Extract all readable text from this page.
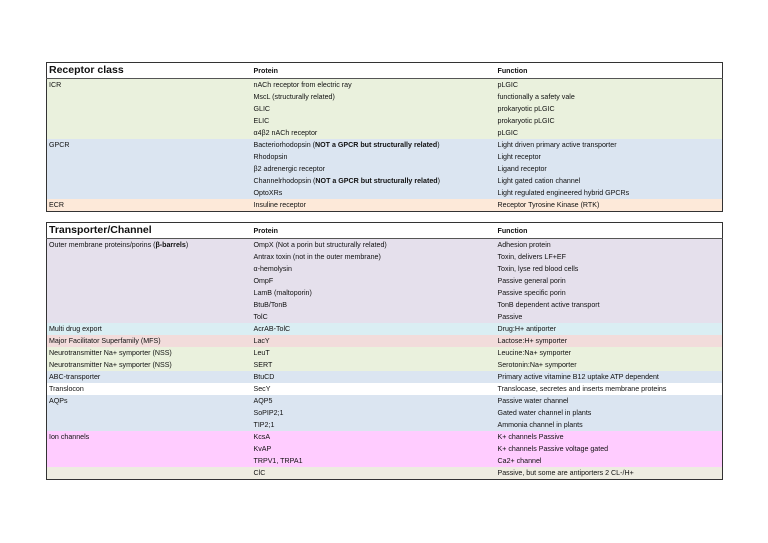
Receptor class	Protein	Function
ICR	nACh receptor from electric ray	pLGIC
	MscL (structurally related)	functionally a safety vale
	GLIC	prokaryotic pLGIC
	ELIC	prokaryotic pLGIC
	α4β2 nACh receptor	pLGIC
GPCR	Bacteriorhodopsin (NOT a GPCR but structurally related)	Light driven primary active transporter
	Rhodopsin	Light receptor
	β2 adrenergic receptor	Ligand receptor
	Channelrhodopsin (NOT a GPCR but structurally related)	Light gated cation channel
	OptoXRs	Light regulated engineered hybrid GPCRs
ECR	Insuline receptor	Receptor Tyrosine Kinase (RTK)
Transporter/Channel	Protein	Function
Outer membrane proteins/porins (β-barrels)	OmpX (Not a porin but structurally related)	Adhesion protein
	Antrax toxin (not in the outer membrane)	Toxin, delivers LF+EF
	α-hemolysin	Toxin, lyse red blood cells
	OmpF	Passive general porin
	LamB (maltoporin)	Passive specific porin
	BtuB/TonB	TonB dependent active transport
	TolC	Passive
Multi drug export	AcrAB-TolC	Drug:H+ antiporter
Major Facilitator Superfamily (MFS)	LacY	Lactose:H+ symporter
Neurotransmitter Na+ symporter (NSS)	LeuT	Leucine:Na+ symporter
Neurotransmitter Na+ symporter (NSS)	SERT	Serotonin:Na+ symporter
ABC-transporter	BtuCD	Primary active vitamine B12 uptake ATP dependent
Translocon	SecY	Translocase, secretes and inserts membrane proteins
AQPs	AQP5	Passive water channel
	SoPIP2;1	Gated water channel in plants
	TIP2;1	Ammonia channel in plants
Ion channels	KcsA	K+ channels Passive
	KvAP	K+ channels Passive voltage gated
	TRPV1, TRPA1	Ca2+ channel
	ClC	Passive, but some are antiporters 2 CL-/H+
